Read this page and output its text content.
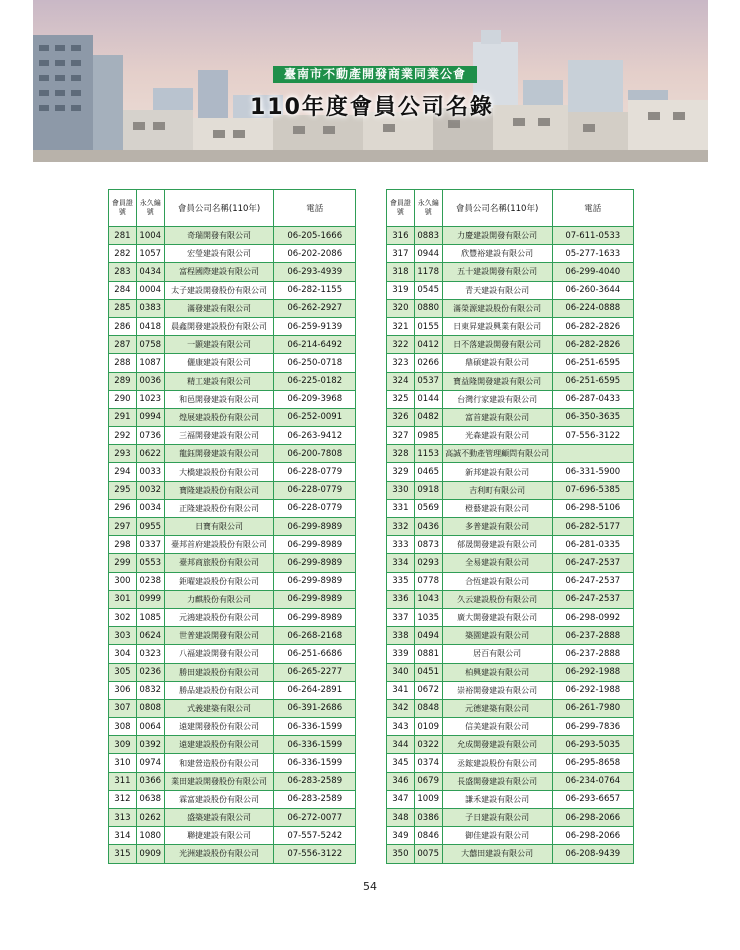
臺南市不動產開發商業同業公會
110年度會員公司名錄
會員證號	永久編號	會員公司名稱(110年)	電話
281	1004	奇瑞開發有限公司	06-205-1666
282	1057	宏瑩建設有限公司	06-202-2086
283	0434	富程國際建設有限公司	06-293-4939
284	0004	太子建設開發股份有限公司	06-282-1155
285	0383	滿發建設有限公司	06-262-2927
286	0418	晨鑫開發建設股份有限公司	06-259-9139
287	0758	一顥建設有限公司	06-214-6492
288	1087	儷康建設有限公司	06-250-0718
289	0036	精工建設有限公司	06-225-0182
290	1023	和邑開發建設有限公司	06-209-3968
291	0994	煌展建設股份有限公司	06-252-0091
292	0736	三福開發建設有限公司	06-263-9412
293	0622	龍鈺開發建設有限公司	06-200-7808
294	0033	大橋建設股份有限公司	06-228-0779
295	0032	寶隆建設股份有限公司	06-228-0779
296	0034	正隆建設股份有限公司	06-228-0779
297	0955	日寶有限公司	06-299-8989
298	0337	臺邦首府建設股份有限公司	06-299-8989
299	0553	臺邦商旅股份有限公司	06-299-8989
300	0238	鉅曜建設股份有限公司	06-299-8989
301	0999	力麒股份有限公司	06-299-8989
302	1085	元鴻建設股份有限公司	06-299-8989
303	0624	世普建設開發有限公司	06-268-2168
304	0323	八福建設開發有限公司	06-251-6686
305	0236	勝田建設股份有限公司	06-265-2277
306	0832	勝品建設股份有限公司	06-264-2891
307	0808	式義建築有限公司	06-391-2686
308	0064	遠建開發股份有限公司	06-336-1599
309	0392	遠建建設股份有限公司	06-336-1599
310	0974	和建營造股份有限公司	06-336-1599
311	0366	業田建設開發股份有限公司	06-283-2589
312	0638	霖富建設股份有限公司	06-283-2589
313	0262	盛築建設有限公司	06-272-0077
314	1080	聯捷建設有限公司	07-557-5242
315	0909	光洲建設股份有限公司	07-556-3122
會員證號	永久編號	會員公司名稱(110年)	電話
316	0883	力慶建設開發有限公司	07-611-0533
317	0944	欣豐裕建設有限公司	05-277-1633
318	1178	五十建設開發有限公司	06-299-4040
319	0545	青天建設有限公司	06-260-3644
320	0880	滿榮源建設股份有限公司	06-224-0888
321	0155	日東昇建設興業有限公司	06-282-2826
322	0412	日不落建設開發有限公司	06-282-2826
323	0266	鼎碩建設有限公司	06-251-6595
324	0537	寶益隆開發建設有限公司	06-251-6595
325	0144	台灣行家建設有限公司	06-287-0433
326	0482	富首建設有限公司	06-350-3635
327	0985	光森建設有限公司	07-556-3122
328	1153	高誠不動產管理顧問有限公司	
329	0465	新邦建設有限公司	06-331-5900
330	0918	吉利町有限公司	07-696-5385
331	0569	橙藝建設有限公司	06-298-5106
332	0436	多普建設有限公司	06-282-5177
333	0873	郁晟開發建設有限公司	06-281-0335
334	0293	全易建設有限公司	06-247-2537
335	0778	合恆建設有限公司	06-247-2537
336	1043	久云建設股份有限公司	06-247-2537
337	1035	廣大開發建設有限公司	06-298-0992
338	0494	築園建設有限公司	06-237-2888
339	0881	居百有限公司	06-237-2888
340	0451	柏興建設有限公司	06-292-1988
341	0672	崇裕開發建設有限公司	06-292-1988
342	0848	元德建築有限公司	06-261-7980
343	0109	信美建設有限公司	06-299-7836
344	0322	允成開發建設有限公司	06-293-5035
345	0374	丞鋐建設股份有限公司	06-295-8658
346	0679	長盛開發建設有限公司	06-234-0764
347	1009	謙禾建設有限公司	06-293-6657
348	0386	子日建設有限公司	06-298-2066
349	0846	御佳建設有限公司	06-298-2066
350	0075	大囍田建設有限公司	06-208-9439
54
